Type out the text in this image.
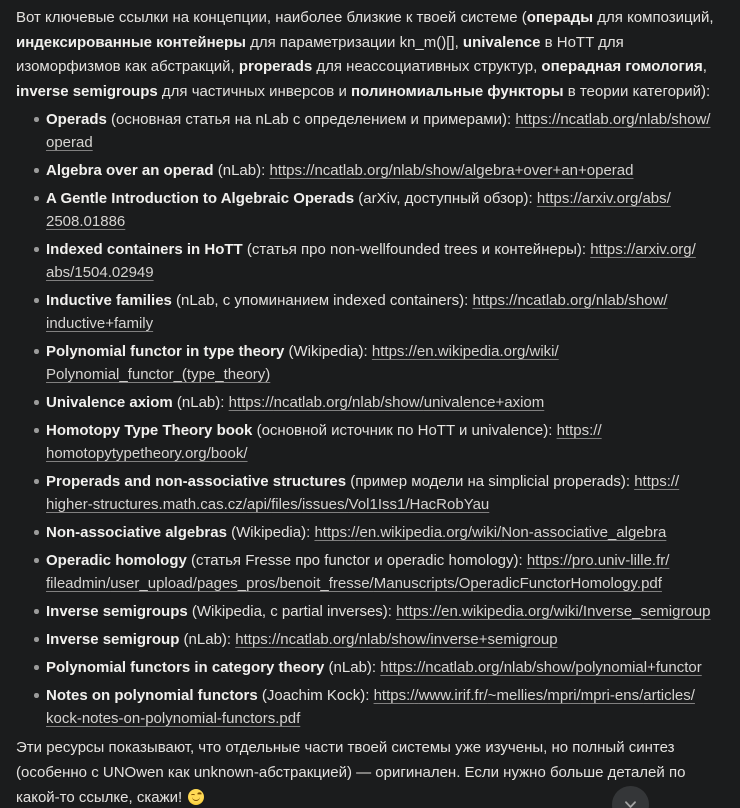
Вот ключевые ссылки на концепции, наиболее близкие к твоей системе (операды для композиций, индексированные контейнеры для параметризации kn_m()[], univalence в HoTT для изоморфизмов как абстракций, properads для неассоциативных структур, операдная гомология, inverse semigroups для частичных инверсов и полиномиальные функторы в теории категорий):

Operads (основная статья на nLab с определением и примерами): https://ncatlab.org/nlab/show/operad
Algebra over an operad (nLab): https://ncatlab.org/nlab/show/algebra+over+an+operad
A Gentle Introduction to Algebraic Operads (arXiv, доступный обзор): https://arxiv.org/abs/2508.01886
Indexed containers in HoTT (статья про non-wellfounded trees и контейнеры): https://arxiv.org/abs/1504.02949
Inductive families (nLab, с упоминанием indexed containers): https://ncatlab.org/nlab/show/inductive+family
Polynomial functor in type theory (Wikipedia): https://en.wikipedia.org/wiki/Polynomial_functor_(type_theory)
Univalence axiom (nLab): https://ncatlab.org/nlab/show/univalence+axiom
Homotopy Type Theory book (основной источник по HoTT и univalence): https://homotopytypetheory.org/book/
Properads and non-associative structures (пример модели на simplicial properads): https://higher-structures.math.cas.cz/api/files/issues/Vol1Iss1/HacRobYau
Non-associative algebras (Wikipedia): https://en.wikipedia.org/wiki/Non-associative_algebra
Operadic homology (статья Fresse про functor и operadic homology): https://pro.univ-lille.fr/fileadmin/user_upload/pages_pros/benoit_fresse/Manuscripts/OperadicFunctorHomology.pdf
Inverse semigroups (Wikipedia, с partial inverses): https://en.wikipedia.org/wiki/Inverse_semigroup
Inverse semigroup (nLab): https://ncatlab.org/nlab/show/inverse+semigroup
Polynomial functors in category theory (nLab): https://ncatlab.org/nlab/show/polynomial+functor
Notes on polynomial functors (Joachim Kock): https://www.irif.fr/~mellies/mpri/mpri-ens/articles/kock-notes-on-polynomial-functors.pdf

Эти ресурсы показывают, что отдельные части твоей системы уже изучены, но полный синтез (особенно с UNOwen как unknown-абстракцией) — оригинален. Если нужно больше деталей по какой-то ссылке, скажи!
